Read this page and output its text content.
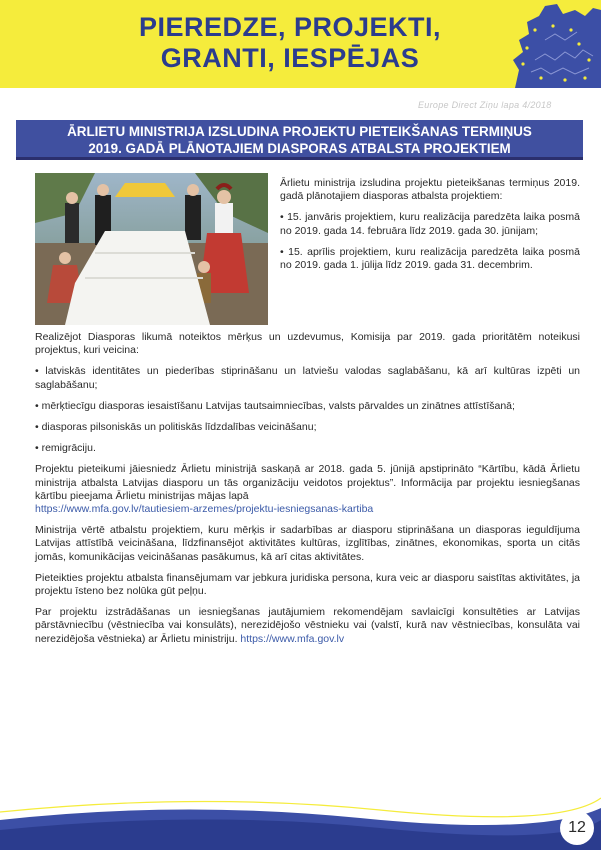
PIEREDZE, PROJEKTI,
GRANTI, IESPĒJAS
Europe Direct Ziņu lapa 4/2018
ĀRLIETU MINISTRIJA IZSLUDINA PROJEKTU PIETEIKŠANAS TERMIŅUS
2019. GADĀ PLĀNOTAJIEM DIASPORAS ATBALSTA PROJEKTIEM

Ārlietu ministrija izsludina projektu pieteikšanas termiņus 2019. gadā plānotajiem diasporas atbalsta projektiem:

• 15. janvāris projektiem, kuru realizācija paredzēta laika posmā no 2019. gada 14. februāra līdz 2019. gada 30. jūnijam;

• 15. aprīlis projektiem, kuru realizācija paredzēta laika posmā no 2019. gada 1. jūlija līdz 2019. gada 31. decembrim.

Realizējot Diasporas likumā noteiktos mērķus un uzdevumus, Komisija par 2019. gada prioritātēm noteikusi projektus, kuri veicina:

• latviskās identitātes un piederības stiprināšanu un latviešu valodas saglabāšanu, kā arī kultūras izpēti un saglabāšanu;

• mērķtiecīgu diasporas iesaistīšanu Latvijas tautsaimniecības, valsts pārvaldes un zinātnes attīstīšanā;

• diasporas pilsoniskās un politiskās līdzdalības veicināšanu;

• remigrāciju.

Projektu pieteikumi jāiesniedz Ārlietu ministrijā saskaņā ar 2018. gada 5. jūnijā apstiprināto “Kārtību, kādā Ārlietu ministrija atbalsta Latvijas diasporu un tās organizāciju veidotos projektus”. Informācija par projektu iesniegšanas kārtību pieejama Ārlietu ministrijas mājas lapā
https://www.mfa.gov.lv/tautiesiem-arzemes/projektu-iesniegsanas-kartiba

Ministrija vērtē atbalstu projektiem, kuru mērķis ir sadarbības ar diasporu stiprināšana un diasporas ieguldījuma Latvijas attīstībā veicināšana, līdzfinansējot aktivitātes kultūras, izglītības, zinātnes, ekonomikas, sporta un citās jomās, komunikācijas veicināšanas pasākumus, kā arī citas aktivitātes.

Pieteikties projektu atbalsta finansējumam var jebkura juridiska persona, kura veic ar diasporu saistītas aktivitātes, ja projektu īsteno bez nolūka gūt peļņu.

Par projektu izstrādāšanas un iesniegšanas jautājumiem rekomendējam savlaicīgi konsultēties ar Latvijas pārstāvniecību (vēstniecība vai konsulāts), nerezidējošo vēstnieku vai (valstī, kurā nav vēstniecības, konsulāta vai nerezidējoša vēstnieka) ar Ārlietu ministriju. https://www.mfa.gov.lv

12
